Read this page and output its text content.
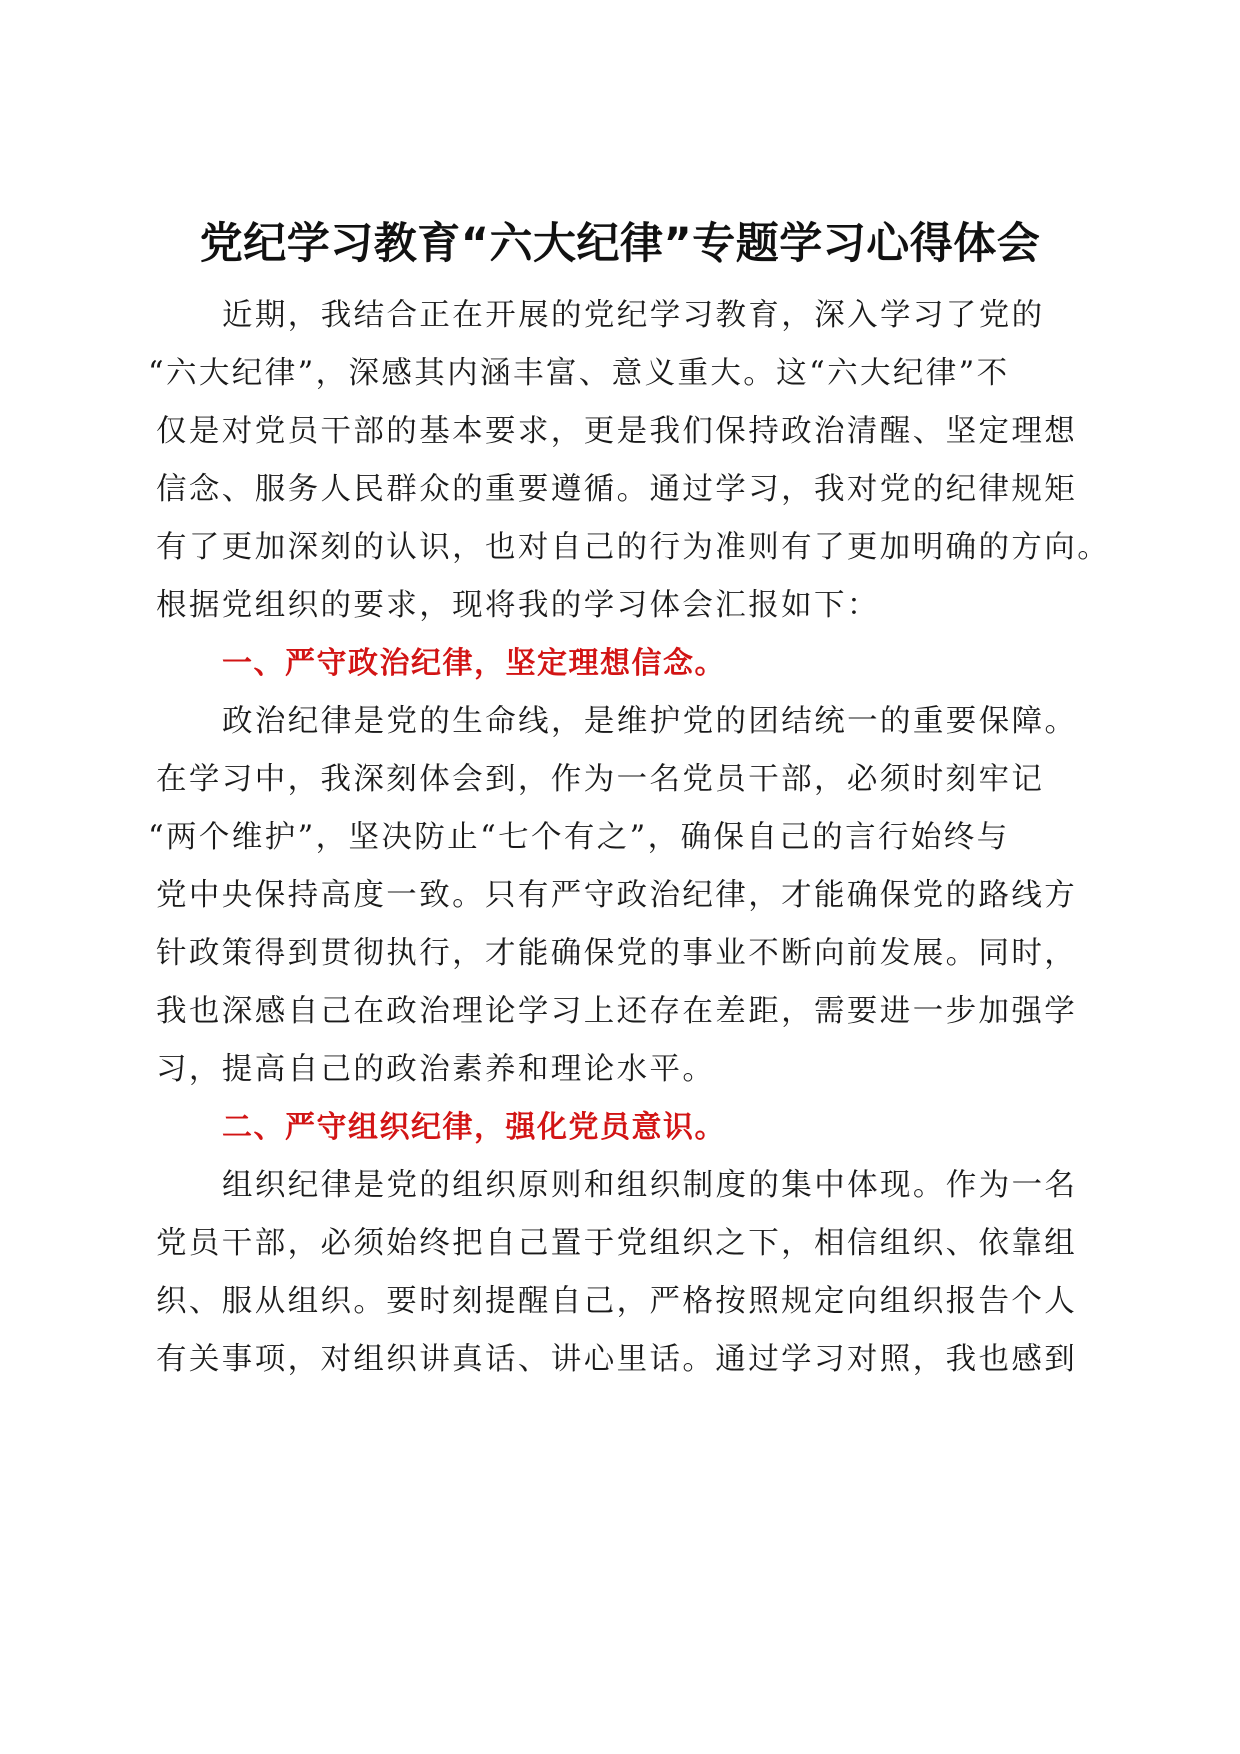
党纪学习教育“六大纪律”专题学习心得体会
近期，我结合正在开展的党纪学习教育，深入学习了党的
“六大纪律”，深感其内涵丰富、意义重大。这“六大纪律”不
仅是对党员干部的基本要求，更是我们保持政治清醒、坚定理想
信念、服务人民群众的重要遵循。通过学习，我对党的纪律规矩
有了更加深刻的认识，也对自己的行为准则有了更加明确的方向。
根据党组织的要求，现将我的学习体会汇报如下：
一、严守政治纪律，坚定理想信念。
政治纪律是党的生命线，是维护党的团结统一的重要保障。
在学习中，我深刻体会到，作为一名党员干部，必须时刻牢记
“两个维护”，坚决防止“七个有之”，确保自己的言行始终与
党中央保持高度一致。只有严守政治纪律，才能确保党的路线方
针政策得到贯彻执行，才能确保党的事业不断向前发展。同时，
我也深感自己在政治理论学习上还存在差距，需要进一步加强学
习，提高自己的政治素养和理论水平。
二、严守组织纪律，强化党员意识。
组织纪律是党的组织原则和组织制度的集中体现。作为一名
党员干部，必须始终把自己置于党组织之下，相信组织、依靠组
织、服从组织。要时刻提醒自己，严格按照规定向组织报告个人
有关事项，对组织讲真话、讲心里话。通过学习对照，我也感到
